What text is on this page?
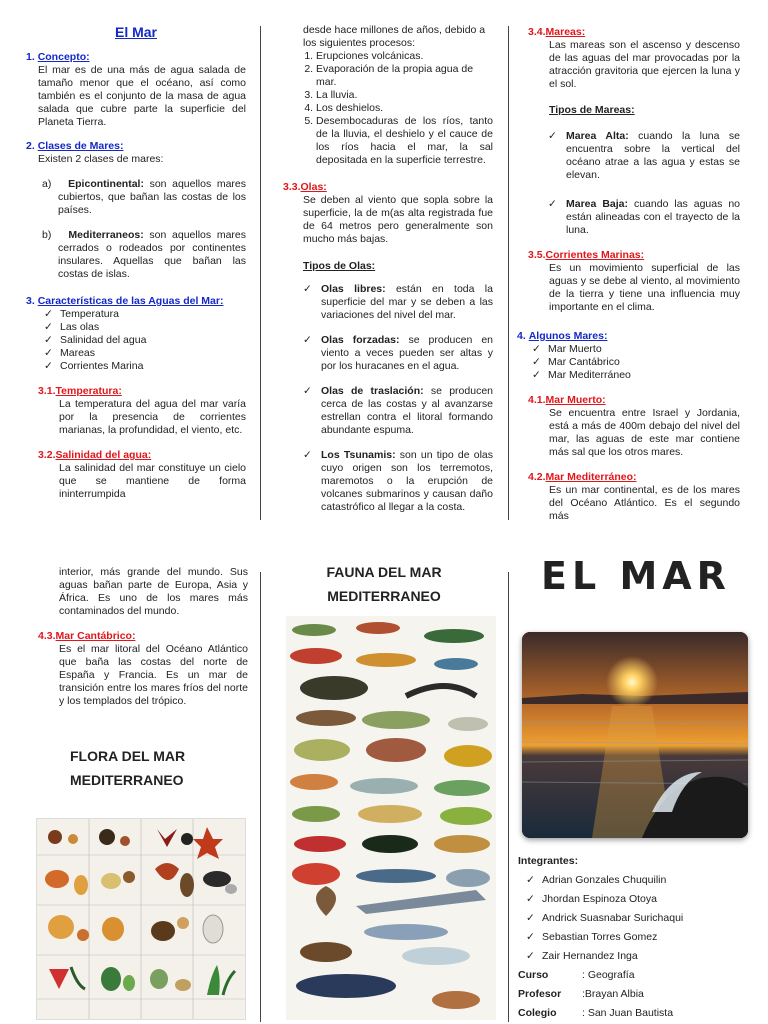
El Mar

1. Concepto:

El mar es de una más de agua salada de tamaño menor que el océano, así como también es el conjunto de la masa de agua salada que cubre parte la superficie del Planeta Tierra.

2. Clases de Mares:

Existen 2 clases de mares:

a) Epicontinental: son aquellos mares cubiertos, que bañan las costas de los países.
b) Mediterraneos: son aquellos mares cerrados o rodeados por continentes insulares. Aquellas que bañan las costas de islas.

3. Características de las Aguas del Mar:

✓ Temperatura
✓ Las olas
✓ Salinidad del agua
✓ Mareas
✓ Corrientes Marina

3.1.Temperatura:

La temperatura del agua del mar varía por la presencia de corrientes marianas, la profundidad, el viento, etc.

3.2.Salinidad del agua:

La salinidad del mar constituye un cielo que se mantiene de forma ininterrumpida

desde hace millones de años, debido a los siguientes procesos:

1. Erupciones volcánicas.
2. Evaporación de la propia agua de mar.
3. La lluvia.
4. Los deshielos.
5. Desembocaduras de los ríos, tanto de la lluvia, el deshielo y el cauce de los ríos hacia el mar, la sal depositada en la superficie terrestre.

3.3.Olas:

Se deben al viento que sopla sobre la superficie, la de m(as alta registrada fue de 64 metros pero generalmente son mucho más bajas.

Tipos de Olas:

✓ Olas libres: están en toda la superficie del mar y se deben a las variaciones del nivel del mar.
✓ Olas forzadas: se producen en viento a veces pueden ser altas y por los huracanes en el agua.
✓ Olas de traslación: se producen cerca de las costas y al avanzarse estrellan contra el litoral formando abundante espuma.
✓ Los Tsunamis: son un tipo de olas cuyo origen son los terremotos, maremotos o la erupción de volcanes submarinos y causan daño catastrófico al llegar a la costa.

3.4.Mareas:

Las mareas son el ascenso y descenso de las aguas del mar provocadas por la atracción gravitoria que ejercen la luna y el sol.

Tipos de Mareas:

✓ Marea Alta: cuando la luna se encuentra sobre la vertical del océano atrae a las agua y estas se elevan.
✓ Marea Baja: cuando las aguas no están alineadas con el trayecto de la luna.

3.5.Corrientes Marinas:

Es un movimiento superficial de las aguas y se debe al viento, al movimiento de la tierra y tiene una influencia muy importante en el clima.

4. Algunos Mares:

✓ Mar Muerto
✓ Mar Cantábrico
✓ Mar Mediterráneo

4.1.Mar Muerto:

Se encuentra entre Israel y Jordania, está a más de 400m debajo del nivel del mar, las aguas de este mar contiene más sal que los otros mares.

4.2.Mar Mediterráneo:

Es un mar continental, es de los mares del Océano Atlántico. Es el segundo más

interior, más grande del mundo. Sus aguas bañan parte de Europa, Asia y África. Es uno de los mares más contaminados del mundo.

4.3.Mar Cantábrico:

Es el mar litoral del Océano Atlántico que baña las costas del norte de España y Francia. Es un mar de transición entre los mares fríos del norte y los templados del trópico.

FLORA DEL MAR
MEDITERRANEO
FAUNA DEL MAR
MEDITERRANEO	EL MAR
Integrantes:
✓ Adrian Gonzales Chuquilin
✓ Jhordan Espinoza Otoya
✓ Andrick Suasnabar Surichaqui
✓ Sebastian Torres Gomez
✓ Zair Hernandez Inga
Curso	: Geografía
Profesor :Brayan Albia
Colegio : San Juan Bautista
